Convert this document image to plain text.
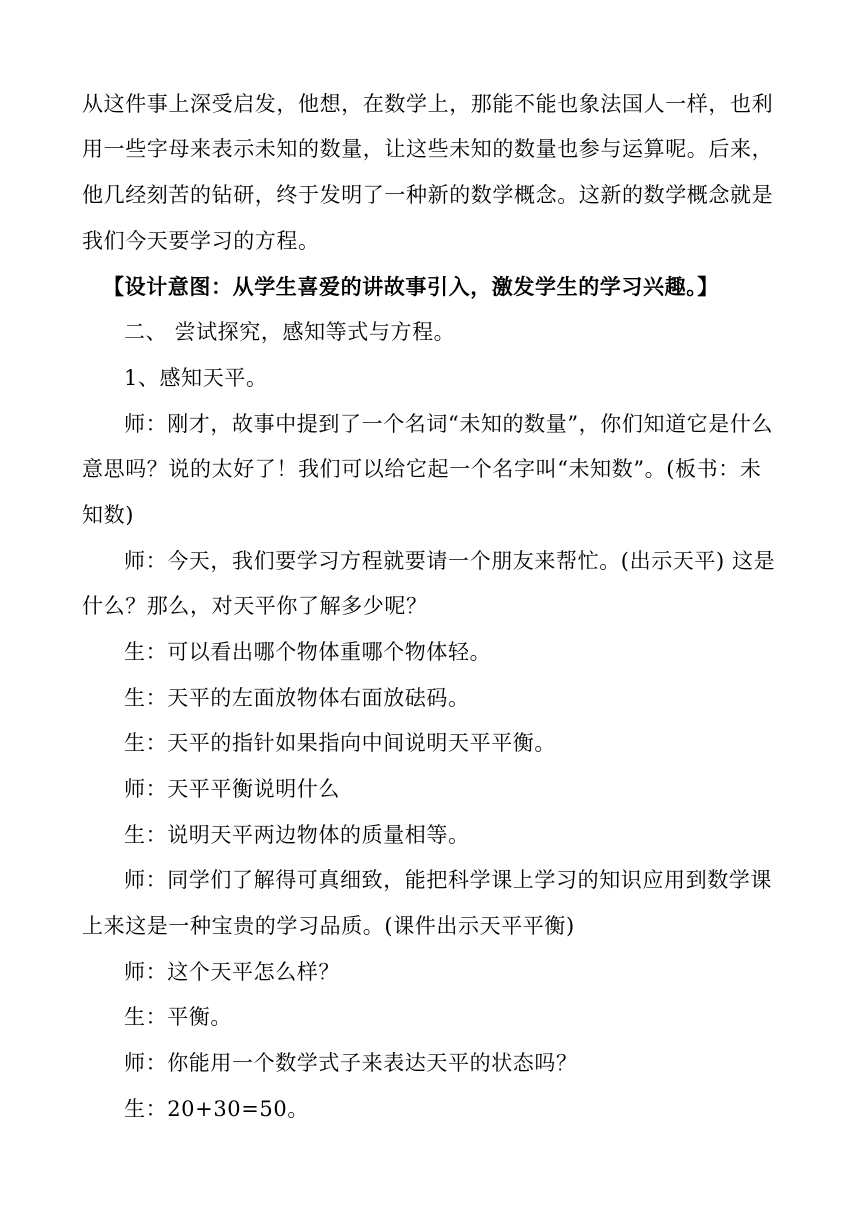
从这件事上深受启发，他想，在数学上，那能不能也象法国人一样，也利
用一些字母来表示未知的数量，让这些未知的数量也参与运算呢。后来，
他几经刻苦的钻研，终于发明了一种新的数学概念。这新的数学概念就是
我们今天要学习的方程。
【设计意图：从学生喜爱的讲故事引入，激发学生的学习兴趣。】
二、 尝试探究，感知等式与方程。
1、感知天平。
师：刚才，故事中提到了一个名词“未知的数量”，你们知道它是什么
意思吗？说的太好了！我们可以给它起一个名字叫“未知数”。(板书：未
知数)
师：今天，我们要学习方程就要请一个朋友来帮忙。(出示天平) 这是
什么？那么，对天平你了解多少呢？
生：可以看出哪个物体重哪个物体轻。
生：天平的左面放物体右面放砝码。
生：天平的指针如果指向中间说明天平平衡。
师：天平平衡说明什么
生：说明天平两边物体的质量相等。
师：同学们了解得可真细致，能把科学课上学习的知识应用到数学课
上来这是一种宝贵的学习品质。(课件出示天平平衡)
师：这个天平怎么样？
生：平衡。
师：你能用一个数学式子来表达天平的状态吗？
生：20+30=50。
